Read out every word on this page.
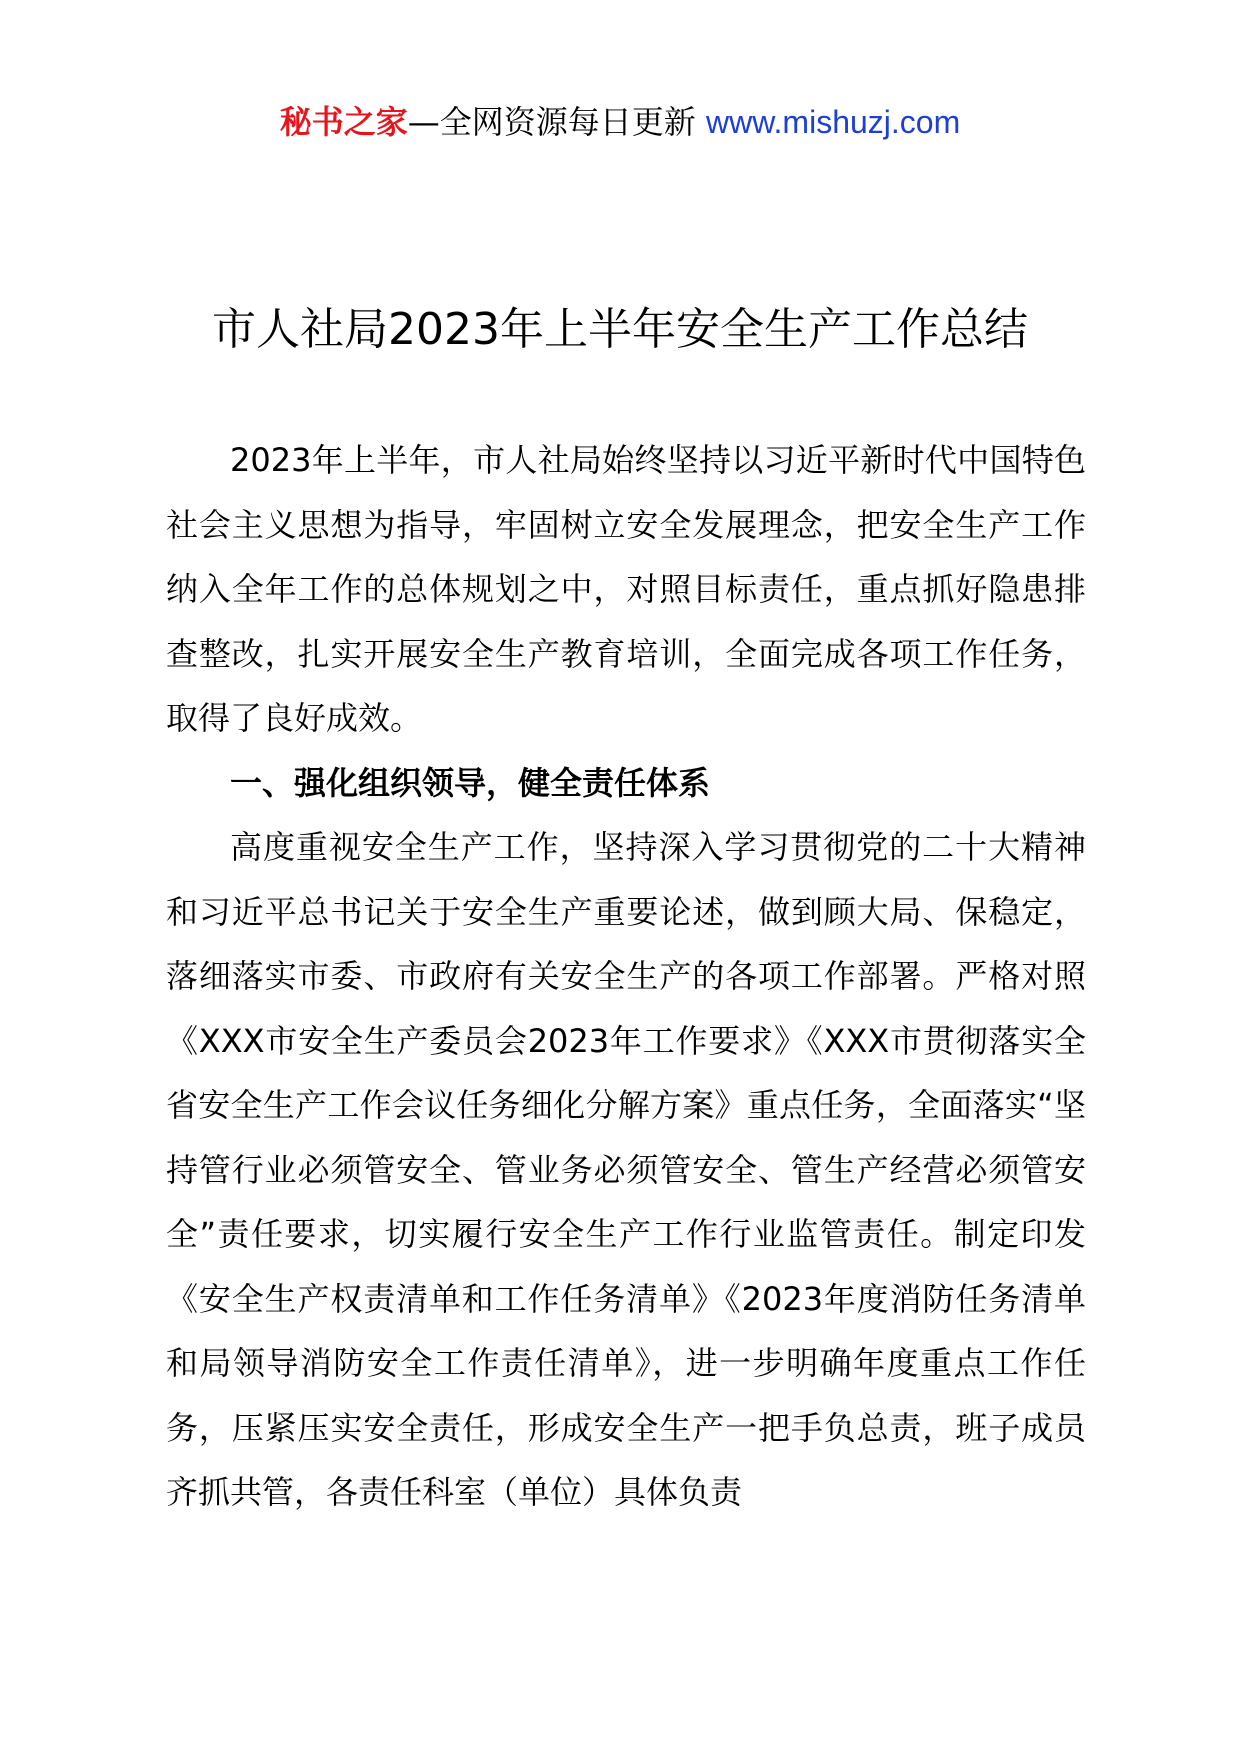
秘书之家—全网资源每日更新 www.mishuzj.com
市人社局2023年上半年安全生产工作总结

2023年上半年，市人社局始终坚持以习近平新时代中国特色社会主义思想为指导，牢固树立安全发展理念，把安全生产工作纳入全年工作的总体规划之中，对照目标责任，重点抓好隐患排查整改，扎实开展安全生产教育培训，全面完成各项工作任务，取得了良好成效。

一、强化组织领导，健全责任体系

高度重视安全生产工作，坚持深入学习贯彻党的二十大精神和习近平总书记关于安全生产重要论述，做到顾大局、保稳定，落细落实市委、市政府有关安全生产的各项工作部署。严格对照《XXX市安全生产委员会2023年工作要求》《XXX市贯彻落实全省安全生产工作会议任务细化分解方案》重点任务，全面落实“坚持管行业必须管安全、管业务必须管安全、管生产经营必须管安全”责任要求，切实履行安全生产工作行业监管责任。制定印发《安全生产权责清单和工作任务清单》《2023年度消防任务清单和局领导消防安全工作责任清单》，进一步明确年度重点工作任务，压紧压实安全责任，形成安全生产一把手负总责，班子成员齐抓共管，各责任科室（单位）具体负责
